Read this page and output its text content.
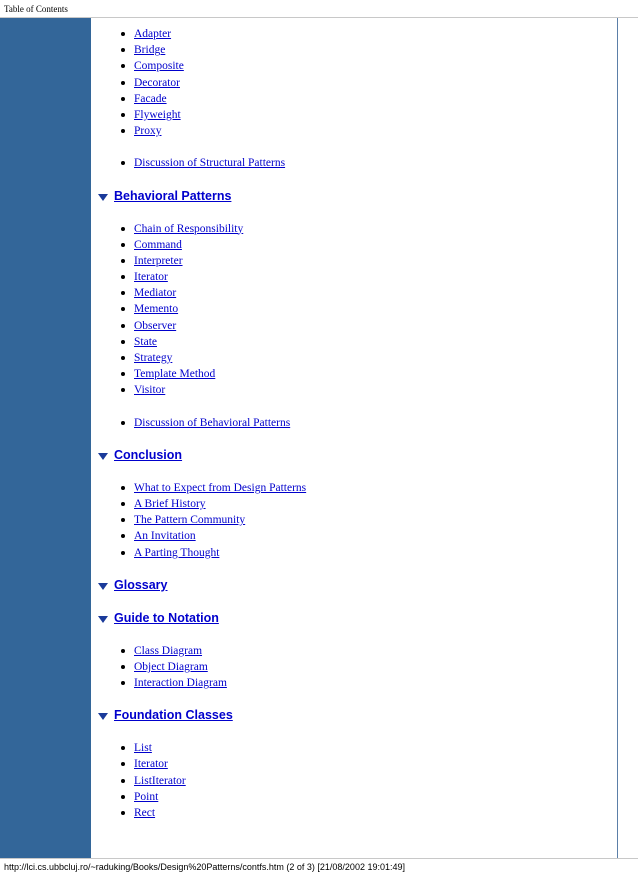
Table of Contents
Adapter
Bridge
Composite
Decorator
Facade
Flyweight
Proxy
Discussion of Structural Patterns
Behavioral Patterns
Chain of Responsibility
Command
Interpreter
Iterator
Mediator
Memento
Observer
State
Strategy
Template Method
Visitor
Discussion of Behavioral Patterns
Conclusion
What to Expect from Design Patterns
A Brief History
The Pattern Community
An Invitation
A Parting Thought
Glossary
Guide to Notation
Class Diagram
Object Diagram
Interaction Diagram
Foundation Classes
List
Iterator
ListIterator
Point
Rect
http://lci.cs.ubbcluj.ro/~raduking/Books/Design%20Patterns/contfs.htm (2 of 3) [21/08/2002 19:01:49]
